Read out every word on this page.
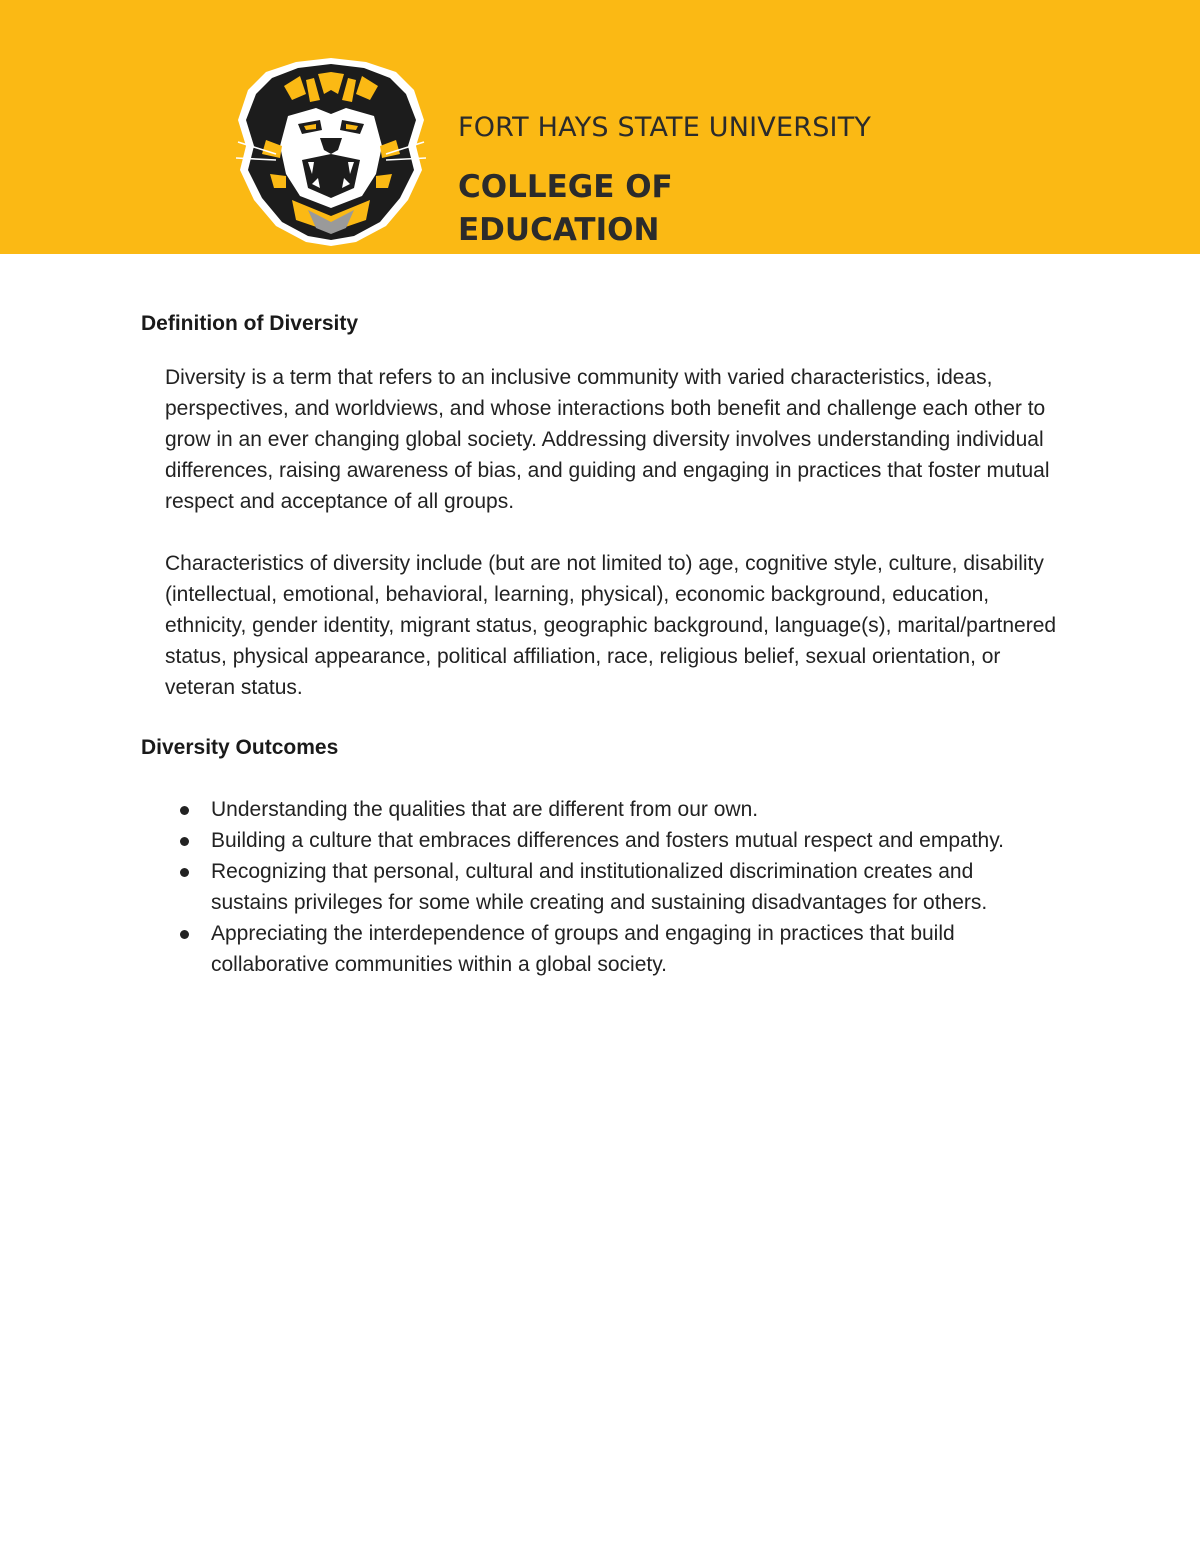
FORT HAYS STATE UNIVERSITY
COLLEGE OF
EDUCATION
Definition of Diversity

Diversity is a term that refers to an inclusive community with varied characteristics, ideas, perspectives, and worldviews, and whose interactions both benefit and challenge each other to grow in an ever changing global society. Addressing diversity involves understanding individual differences, raising awareness of bias, and guiding and engaging in practices that foster mutual respect and acceptance of all groups.

Characteristics of diversity include (but are not limited to) age, cognitive style, culture, disability (intellectual, emotional, behavioral, learning, physical), economic background, education, ethnicity, gender identity, migrant status, geographic background, language(s), marital/partnered status, physical appearance, political affiliation, race, religious belief, sexual orientation, or veteran status.

Diversity Outcomes
Understanding the qualities that are different from our own.
Building a culture that embraces differences and fosters mutual respect and empathy.
Recognizing that personal, cultural and institutionalized discrimination creates and sustains privileges for some while creating and sustaining disadvantages for others.
Appreciating the interdependence of groups and engaging in practices that build collaborative communities within a global society.
